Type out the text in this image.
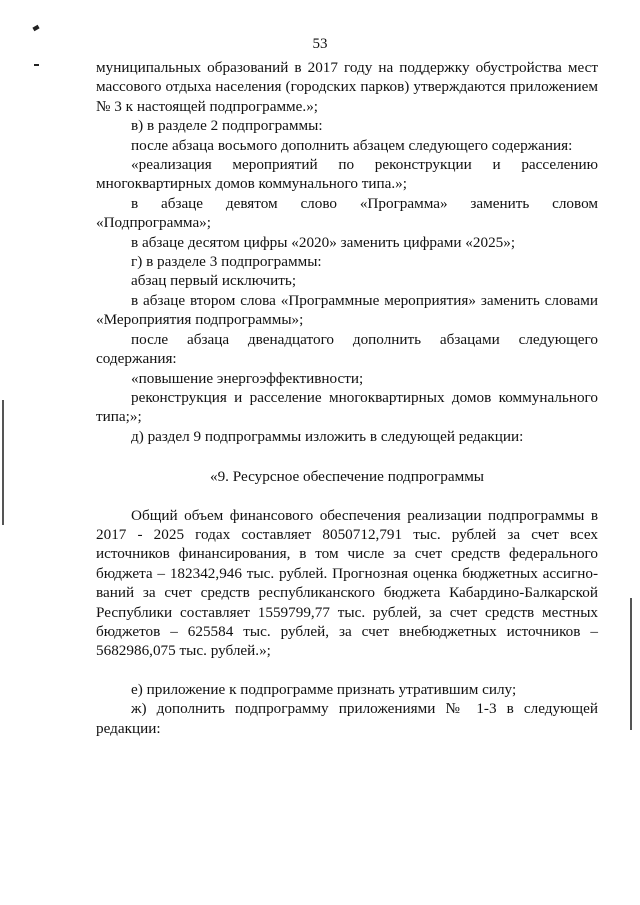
53

муниципальных образований в 2017 году на поддержку обустройства мест

массового отдыха населения (городских парков) утверждаются приложением

№ 3 к настоящей подпрограмме.»;

в) в разделе 2 подпрограммы:

после абзаца восьмого дополнить абзацем следующего содержания:

«реализация мероприятий по реконструкции и расселению

многоквартирных домов коммунального типа.»;

в абзаце девятом слово «Программа» заменить словом

«Подпрограмма»;

в абзаце десятом цифры «2020» заменить цифрами «2025»;

г) в разделе 3 подпрограммы:

абзац первый исключить;

в абзаце втором слова «Программные мероприятия» заменить словами

«Мероприятия подпрограммы»;

после абзаца двенадцатого дополнить абзацами следующего

содержания:

«повышение энергоэффективности;

реконструкция и расселение многоквартирных домов коммунального

типа;»;

д) раздел 9 подпрограммы изложить в следующей редакции:

«9. Ресурсное обеспечение подпрограммы

Общий объем финансового обеспечения реализации подпрограммы в

2017 - 2025 годах составляет 8050712,791 тыс. рублей за счет всех

источников финансирования, в том числе за счет средств федерального

бюджета – 182342,946 тыс. рублей. Прогнозная оценка бюджетных ассигно-

ваний за счет средств республиканского бюджета Кабардино-Балкарской

Республики составляет 1559799,77 тыс. рублей, за счет средств местных

бюджетов – 625584 тыс. рублей, за счет внебюджетных источников –

5682986,075 тыс. рублей.»;

е) приложение к подпрограмме признать утратившим силу;

ж) дополнить подпрограмму приложениями № 1-3 в следующей

редакции:
